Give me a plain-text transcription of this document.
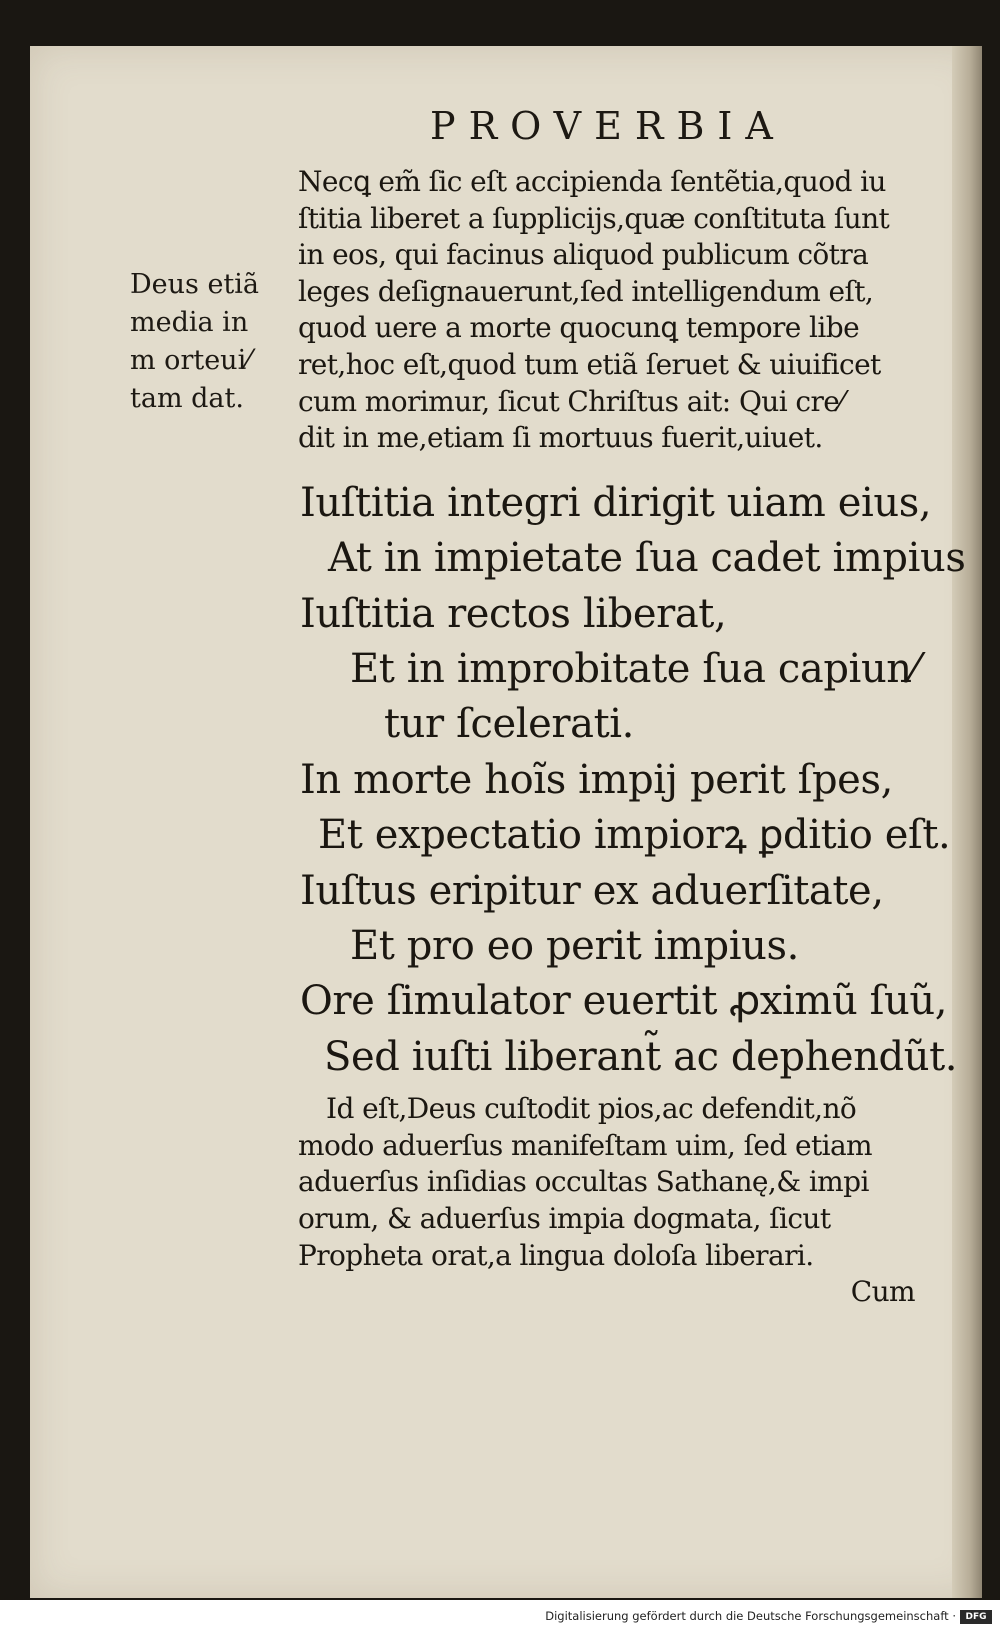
PROVERBIA
Deus etiã
media in
m orteui⁄
tam dat.
Necꝗ em̃ ſic eſt accipienda ſentẽtia,quod iu
ſtitia liberet a ſupplicijs,quæ conſtituta ſunt
in eos, qui facinus aliquod publicum cõtra
leges deſignauerunt,ſed intelligendum eſt,
quod uere a morte quocunꝗ tempore libe
ret,hoc eſt,quod tum etiã ſeruet & uiuificet
cum morimur, ſicut Chriſtus ait: Qui cre⁄
dit in me,etiam ſi mortuus fuerit,uiuet.
Iuſtitia integri dirigit uiam eius,
At in impietate ſua cadet impius
Iuſtitia rectos liberat,
Et in improbitate ſua capiun⁄
tur ſcelerati.
In morte hoĩs impij perit ſpes,
Et expectatio impiorꝝ ꝑditio eſt.
Iuſtus eripitur ex aduerſitate,
Et pro eo perit impius.
Ore ſimulator euertit ꝓximũ ſuũ,
Sed iuſti liberant̃ ac dephendũt.
Id eſt,Deus cuſtodit pios,ac defendit,nõ
modo aduerſus manifeſtam uim, ſed etiam
aduerſus inſidias occultas Sathanę,& impi
orum, & aduerſus impia dogmata, ſicut
Propheta orat,a lingua doloſa liberari.
Cum
Digitalisierung gefördert durch die Deutsche Forschungsgemeinschaft ·	DFG
